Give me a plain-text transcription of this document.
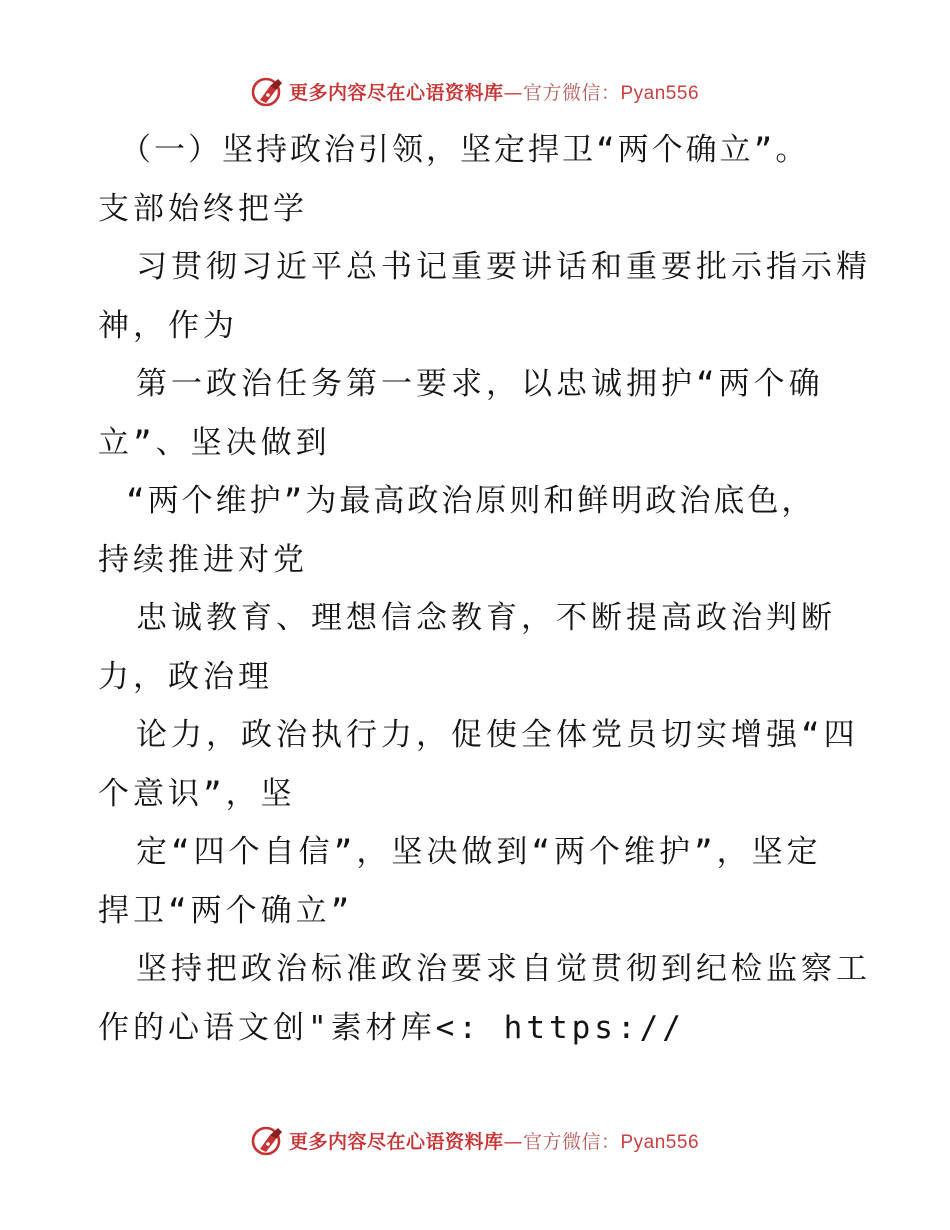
更多内容尽在心语资料库—官方微信：Pyan556
（一）坚持政治引领，坚定捍卫“两个确立”。
支部始终把学
习贯彻习近平总书记重要讲话和重要批示指示精
神，作为
第一政治任务第一要求，以忠诚拥护“两个确
立”、坚决做到
“两个维护”为最高政治原则和鲜明政治底色，
持续推进对党
忠诚教育、理想信念教育，不断提高政治判断
力，政治理
论力，政治执行力，促使全体党员切实增强“四
个意识”，坚
定“四个自信”，坚决做到“两个维护”，坚定
捍卫“两个确立”
坚持把政治标准政治要求自觉贯彻到纪检监察工
作的心语文创"素材库<: https://
更多内容尽在心语资料库—官方微信：Pyan556
